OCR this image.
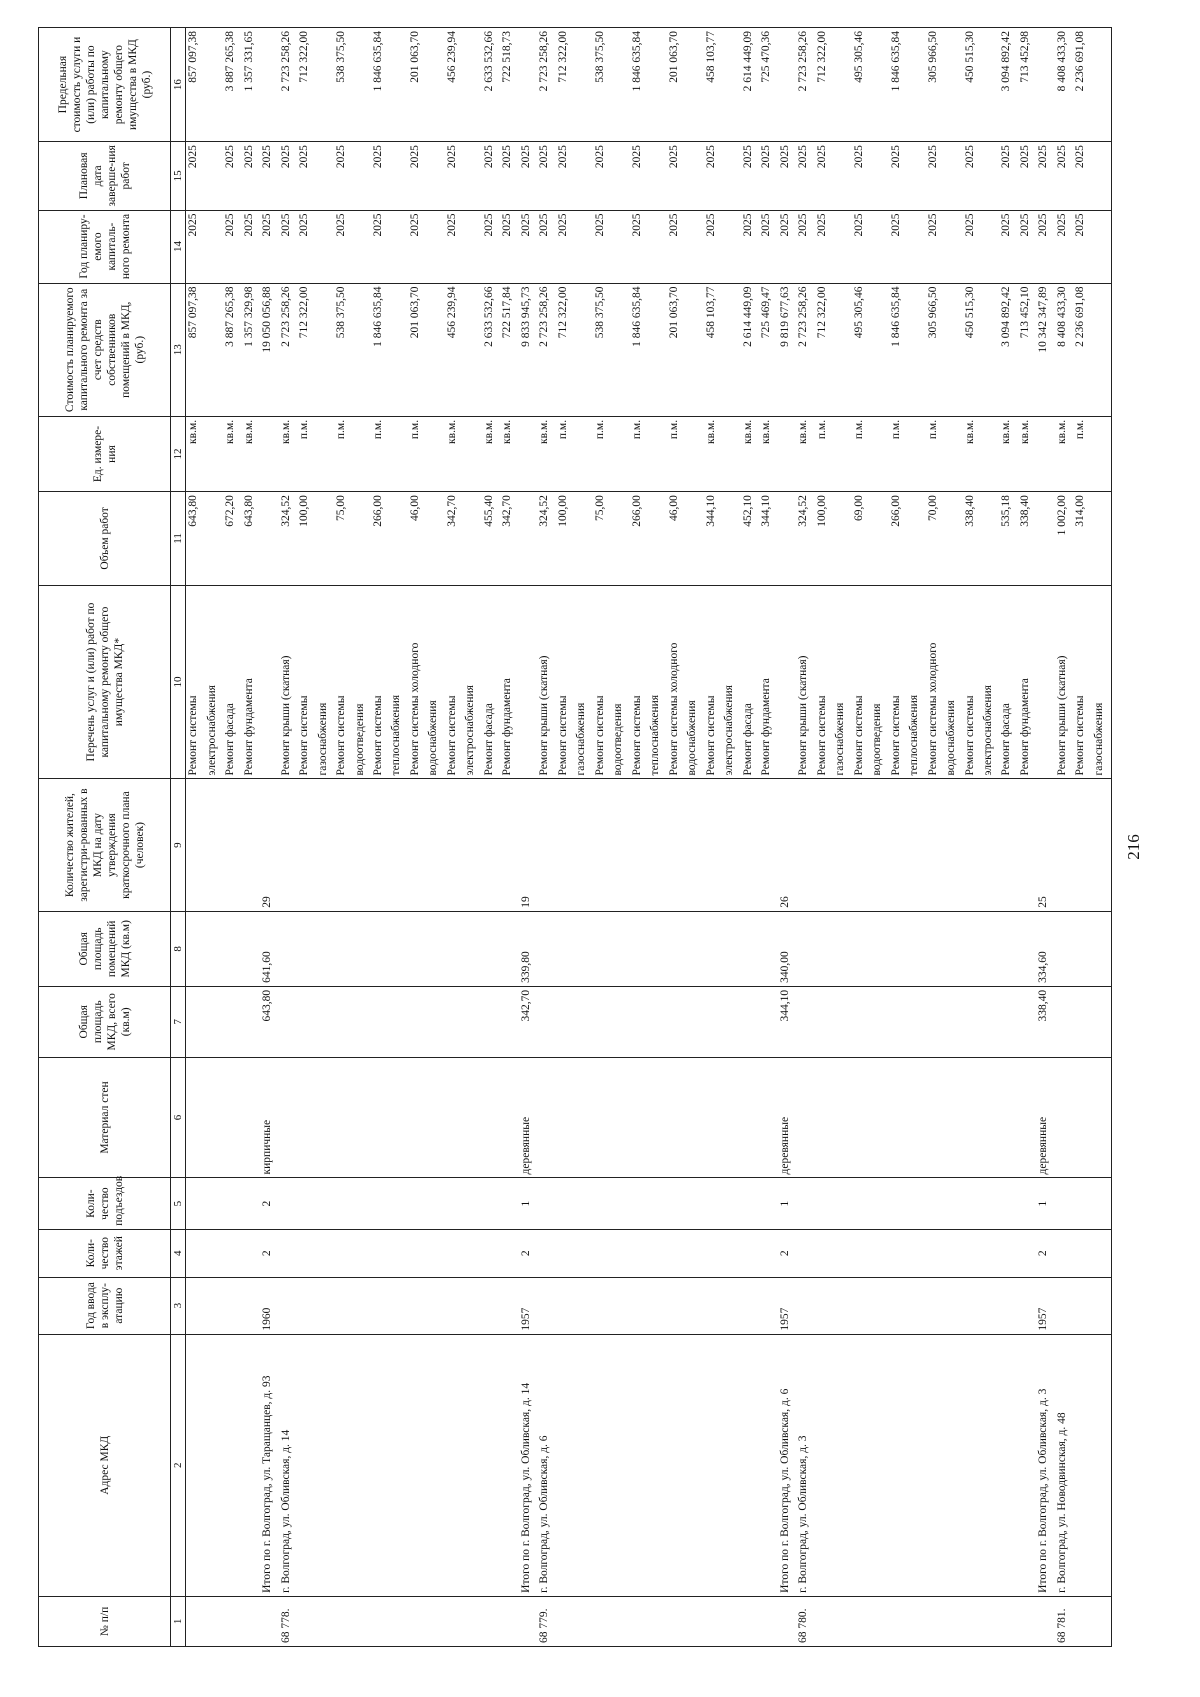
216
№ п/п	Адрес МКД	Год ввода в эксплу-атацию	Коли-чество этажей	Коли-чество подъездов	Материал стен	Общая площадь МКД, всего (кв.м)	Общая площадь помещений МКД (кв.м)	Количество жителей, зарегистри-рованных в МКД на дату утверждения краткосрочного плана (человек)	Перечень услуг и (или) работ по капитальному ремонту общего имущества МКД*	Объем работ	Ед. измере-ния	Стоимость планируемого капитального ремонта за счет средств собственников помещений в МКД, (руб.)	Год планиру-емого капиталь-ного ремонта	Плановая дата заверше-ния работ	Предельная стоимость услуги и (или) работы по капитальному ремонту общего имущества в МКД (руб.)
1	2	3	4	5	6	7	8	9	10	11	12	13	14	15	16
									Ремонт системы	643,80	кв.м.	857 097,38	2025	2025	857 097,38
									электроснабжения						
									Ремонт фасада	672,20	кв.м.	3 887 265,38	2025	2025	3 887 265,38
									Ремонт фундамента	643,80	кв.м.	1 357 329,98	2025	2025	1 357 331,65
	Итого по г. Волгоград, ул. Таращанцев, д. 93	1960	2	2	кирпичные	643,80	641,60	29				19 050 056,88	2025	2025	
68 778.	г. Волгоград, ул. Обливская, д. 14								Ремонт крыши (скатная)	324,52	кв.м.	2 723 258,26	2025	2025	2 723 258,26
									Ремонт системы	100,00	п.м.	712 322,00	2025	2025	712 322,00
									газоснабжения						
									Ремонт системы	75,00	п.м.	538 375,50	2025	2025	538 375,50
									водоотведения						
									Ремонт системы	266,00	п.м.	1 846 635,84	2025	2025	1 846 635,84
									теплоснабжения						
									Ремонт системы холодного	46,00	п.м.	201 063,70	2025	2025	201 063,70
									водоснабжения						
									Ремонт системы	342,70	кв.м.	456 239,94	2025	2025	456 239,94
									электроснабжения						
									Ремонт фасада	455,40	кв.м.	2 633 532,66	2025	2025	2 633 532,66
									Ремонт фундамента	342,70	кв.м.	722 517,84	2025	2025	722 518,73
	Итого по г. Волгоград, ул. Обливская, д. 14	1957	2	1	деревянные	342,70	339,80	19				9 833 945,73	2025	2025	
68 779.	г. Волгоград, ул. Обливская, д. 6								Ремонт крыши (скатная)	324,52	кв.м.	2 723 258,26	2025	2025	2 723 258,26
									Ремонт системы	100,00	п.м.	712 322,00	2025	2025	712 322,00
									газоснабжения						
									Ремонт системы	75,00	п.м.	538 375,50	2025	2025	538 375,50
									водоотведения						
									Ремонт системы	266,00	п.м.	1 846 635,84	2025	2025	1 846 635,84
									теплоснабжения						
									Ремонт системы холодного	46,00	п.м.	201 063,70	2025	2025	201 063,70
									водоснабжения						
									Ремонт системы	344,10	кв.м.	458 103,77	2025	2025	458 103,77
									электроснабжения						
									Ремонт фасада	452,10	кв.м.	2 614 449,09	2025	2025	2 614 449,09
									Ремонт фундамента	344,10	кв.м.	725 469,47	2025	2025	725 470,36
	Итого по г. Волгоград, ул. Обливская, д. 6	1957	2	1	деревянные	344,10	340,00	26				9 819 677,63	2025	2025	
68 780.	г. Волгоград, ул. Обливская, д. 3								Ремонт крыши (скатная)	324,52	кв.м.	2 723 258,26	2025	2025	2 723 258,26
									Ремонт системы	100,00	п.м.	712 322,00	2025	2025	712 322,00
									газоснабжения						
									Ремонт системы	69,00	п.м.	495 305,46	2025	2025	495 305,46
									водоотведения						
									Ремонт системы	266,00	п.м.	1 846 635,84	2025	2025	1 846 635,84
									теплоснабжения						
									Ремонт системы холодного	70,00	п.м.	305 966,50	2025	2025	305 966,50
									водоснабжения						
									Ремонт системы	338,40	кв.м.	450 515,30	2025	2025	450 515,30
									электроснабжения						
									Ремонт фасада	535,18	кв.м.	3 094 892,42	2025	2025	3 094 892,42
									Ремонт фундамента	338,40	кв.м.	713 452,10	2025	2025	713 452,98
	Итого по г. Волгоград, ул. Обливская, д. 3	1957	2	1	деревянные	338,40	334,60	25				10 342 347,89	2025	2025	
68 781.	г. Волгоград, ул. Новодвинская, д. 48								Ремонт крыши (скатная)	1 002,00	кв.м.	8 408 433,30	2025	2025	8 408 433,30
									Ремонт системы	314,00	п.м.	2 236 691,08	2025	2025	2 236 691,08
									газоснабжения						
